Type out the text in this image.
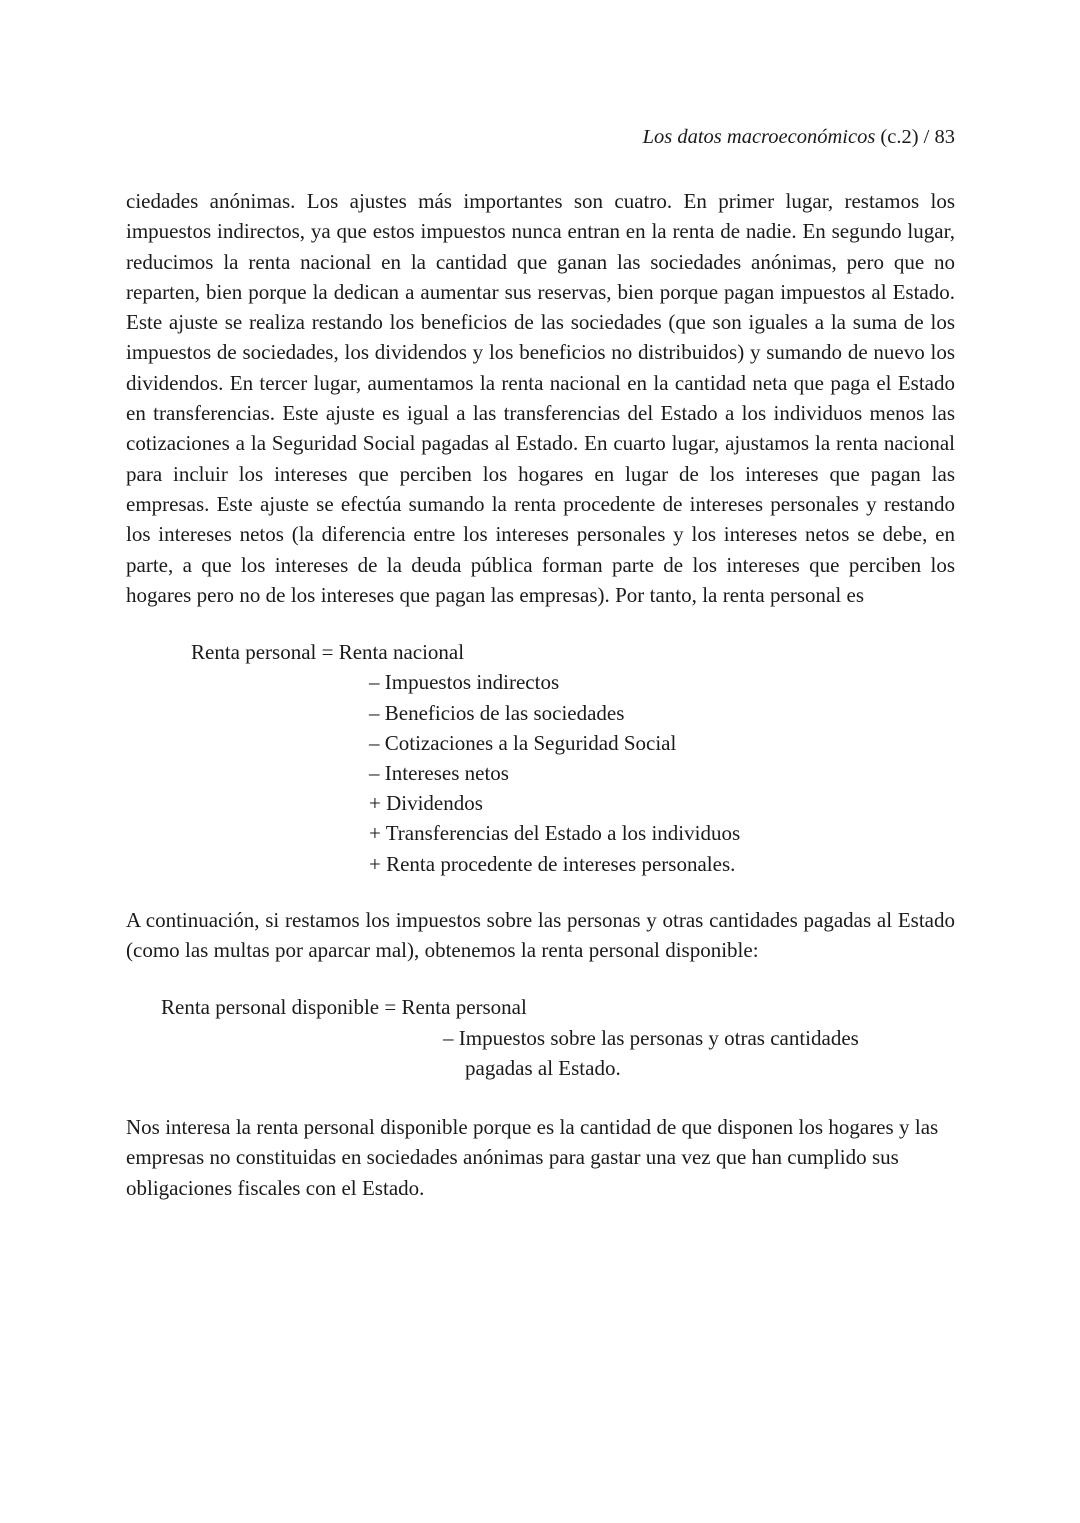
Los datos macroeconómicos (c.2) / 83

ciedades anónimas. Los ajustes más importantes son cuatro. En primer lugar, restamos los impuestos indirectos, ya que estos impuestos nunca entran en la renta de nadie. En segundo lugar, reducimos la renta nacional en la cantidad que ganan las sociedades anónimas, pero que no reparten, bien porque la dedican a aumentar sus reservas, bien porque pagan impuestos al Estado. Este ajuste se realiza restando los beneficios de las sociedades (que son iguales a la suma de los impuestos de sociedades, los dividendos y los beneficios no distribuidos) y sumando de nuevo los dividendos. En tercer lugar, aumentamos la renta nacional en la cantidad neta que paga el Estado en transferencias. Este ajuste es igual a las transferencias del Estado a los individuos menos las cotizaciones a la Seguridad Social pagadas al Estado. En cuarto lugar, ajustamos la renta nacional para incluir los intereses que perciben los hogares en lugar de los intereses que pagan las empresas. Este ajuste se efectúa sumando la renta procedente de intereses personales y restando los intereses netos (la diferencia entre los intereses personales y los intereses netos se debe, en parte, a que los intereses de la deuda pública forman parte de los intereses que perciben los hogares pero no de los intereses que pagan las empresas). Por tanto, la renta personal es

Renta personal = Renta nacional
– Impuestos indirectos
– Beneficios de las sociedades
– Cotizaciones a la Seguridad Social
– Intereses netos
+ Dividendos
+ Transferencias del Estado a los individuos
+ Renta procedente de intereses personales.

A continuación, si restamos los impuestos sobre las personas y otras cantidades pagadas al Estado (como las multas por aparcar mal), obtenemos la renta personal disponible:

Renta personal disponible = Renta personal
– Impuestos sobre las personas y otras cantidades
pagadas al Estado.

Nos interesa la renta personal disponible porque es la cantidad de que disponen los hogares y las empresas no constituidas en sociedades anónimas para gastar una vez que han cumplido sus obligaciones fiscales con el Estado.
